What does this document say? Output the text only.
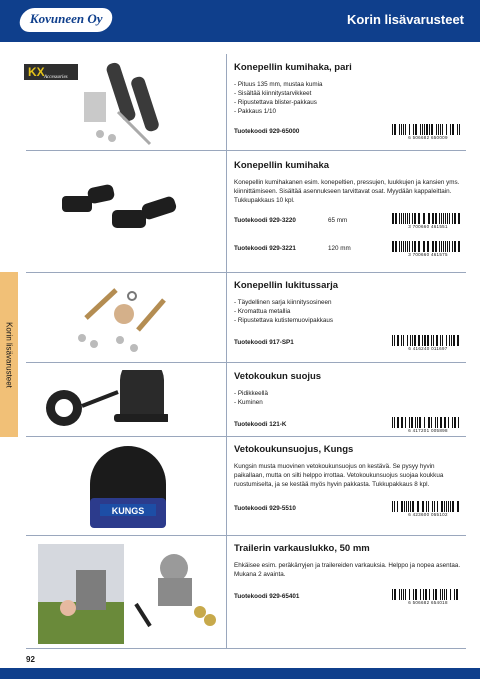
Kovuneen Oy	Korin lisävarusteet
Korin lisävarusteet
KX Accessories
KUNGS
Konepellin kumihaka, pari
- Pituus 135 mm, mustaa kumia
- Sisältää kiinnitystarvikkeet
- Ripustettava blister-pakkaus
- Pakkaus 1/10
Tuotekoodi 929-65000
6 506682 650009
Konepellin kumihaka

Konepellin kumihakanen esim. konepeltien, pressujen, luukkujen ja kansien yms. kiinnittämiseen. Sisältää asennukseen tarvittavat osat. Myydään kappaleittain. Tukkupakkaus 10 kpl.

Tuotekoodi 929-3220	65 mm
3 700660 461551
Tuotekoodi 929-3221	120 mm
3 700660 461575
Konepellin lukitussarja
- Täydellinen sarja kiinnitysosineen
- Kromattua metallia
- Ripustettava kutistemuovipakkaus
Tuotekoodi 917-SP1
6 416240 011697
Vetokoukun suojus
- Pidikkeellä
- Kuminen
Tuotekoodi 121-K
6 417201 005898
Vetokoukunsuojus, Kungs

Kungsin musta muovinen vetokoukunsuojus on kestävä. Se pysyy hyvin paikallaan, mutta on silti helppo irrottaa. Vetokoukunsuojus suojaa koukkua ruostumiselta, ja se kestää myös hyvin pakkasta. Tukkupakkaus 8 kpl.

Tuotekoodi 929-5510
6 423600 055102
Trailerin varkauslukko, 50 mm

Ehkäisee esim. peräkärryjen ja trailereiden varkauksia. Helppo ja nopea asentaa. Mukana 2 avainta.

Tuotekoodi 929-65401
6 506682 654018
92
